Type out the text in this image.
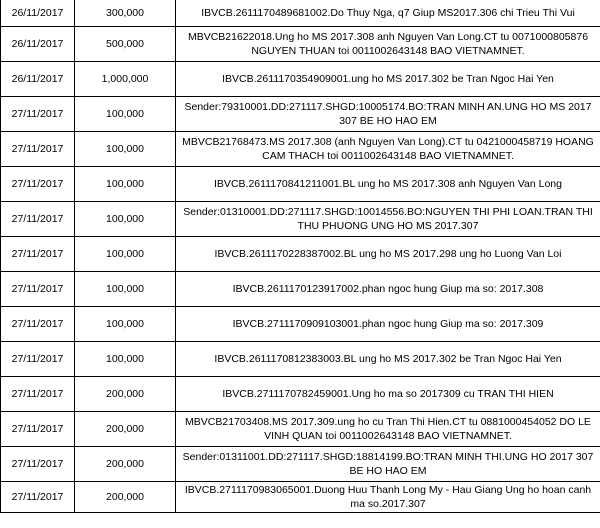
26/11/2017	300,000	IBVCB.2611170489681002.Do Thuy Nga, q7 Giup MS2017.306 chi Trieu Thi Vui
26/11/2017	500,000	MBVCB21622018.Ung ho MS 2017.308 anh Nguyen Van Long.CT tu 0071000805876 NGUYEN THUAN toi 0011002643148 BAO VIETNAMNET.
26/11/2017	1,000,000	IBVCB.2611170354909001.ung ho MS 2017.302 be Tran Ngoc Hai Yen
27/11/2017	100,000	Sender:79310001.DD:271117.SHGD:10005174.BO:TRAN MINH AN.UNG HO MS 2017 307 BE HO HAO EM
27/11/2017	100,000	MBVCB21768473.MS 2017.308 (anh Nguyen Van Long).CT tu 0421000458719 HOANG CAM THACH toi 0011002643148 BAO VIETNAMNET.
27/11/2017	100,000	IBVCB.2611170841211001.BL ung ho MS 2017.308 anh Nguyen Van Long
27/11/2017	100,000	Sender:01310001.DD:271117.SHGD:10014556.BO:NGUYEN THI PHI LOAN.TRAN THI THU PHUONG UNG HO MS 2017.307
27/11/2017	100,000	IBVCB.2611170228387002.BL ung ho MS 2017.298 ung ho Luong Van Loi
27/11/2017	100,000	IBVCB.2611170123917002.phan ngoc hung Giup ma so: 2017.308
27/11/2017	100,000	IBVCB.2711170909103001.phan ngoc hung Giup ma so: 2017.309
27/11/2017	100,000	IBVCB.2611170812383003.BL ung ho MS 2017.302 be Tran Ngoc Hai Yen
27/11/2017	200,000	IBVCB.2711170782459001.Ung ho ma so 2017309 cu TRAN THI HIEN
27/11/2017	200,000	MBVCB21703408.MS 2017.309.ung ho cu Tran Thi Hien.CT tu 0881000454052 DO LE VINH QUAN toi 0011002643148 BAO VIETNAMNET.
27/11/2017	200,000	Sender:01311001.DD:271117.SHGD:18814199.BO:TRAN MINH THI.UNG HO 2017 307 BE HO HAO EM
27/11/2017	200,000	IBVCB.2711170983065001.Duong Huu Thanh Long My - Hau Giang Ung ho hoan canh ma so.2017.307
